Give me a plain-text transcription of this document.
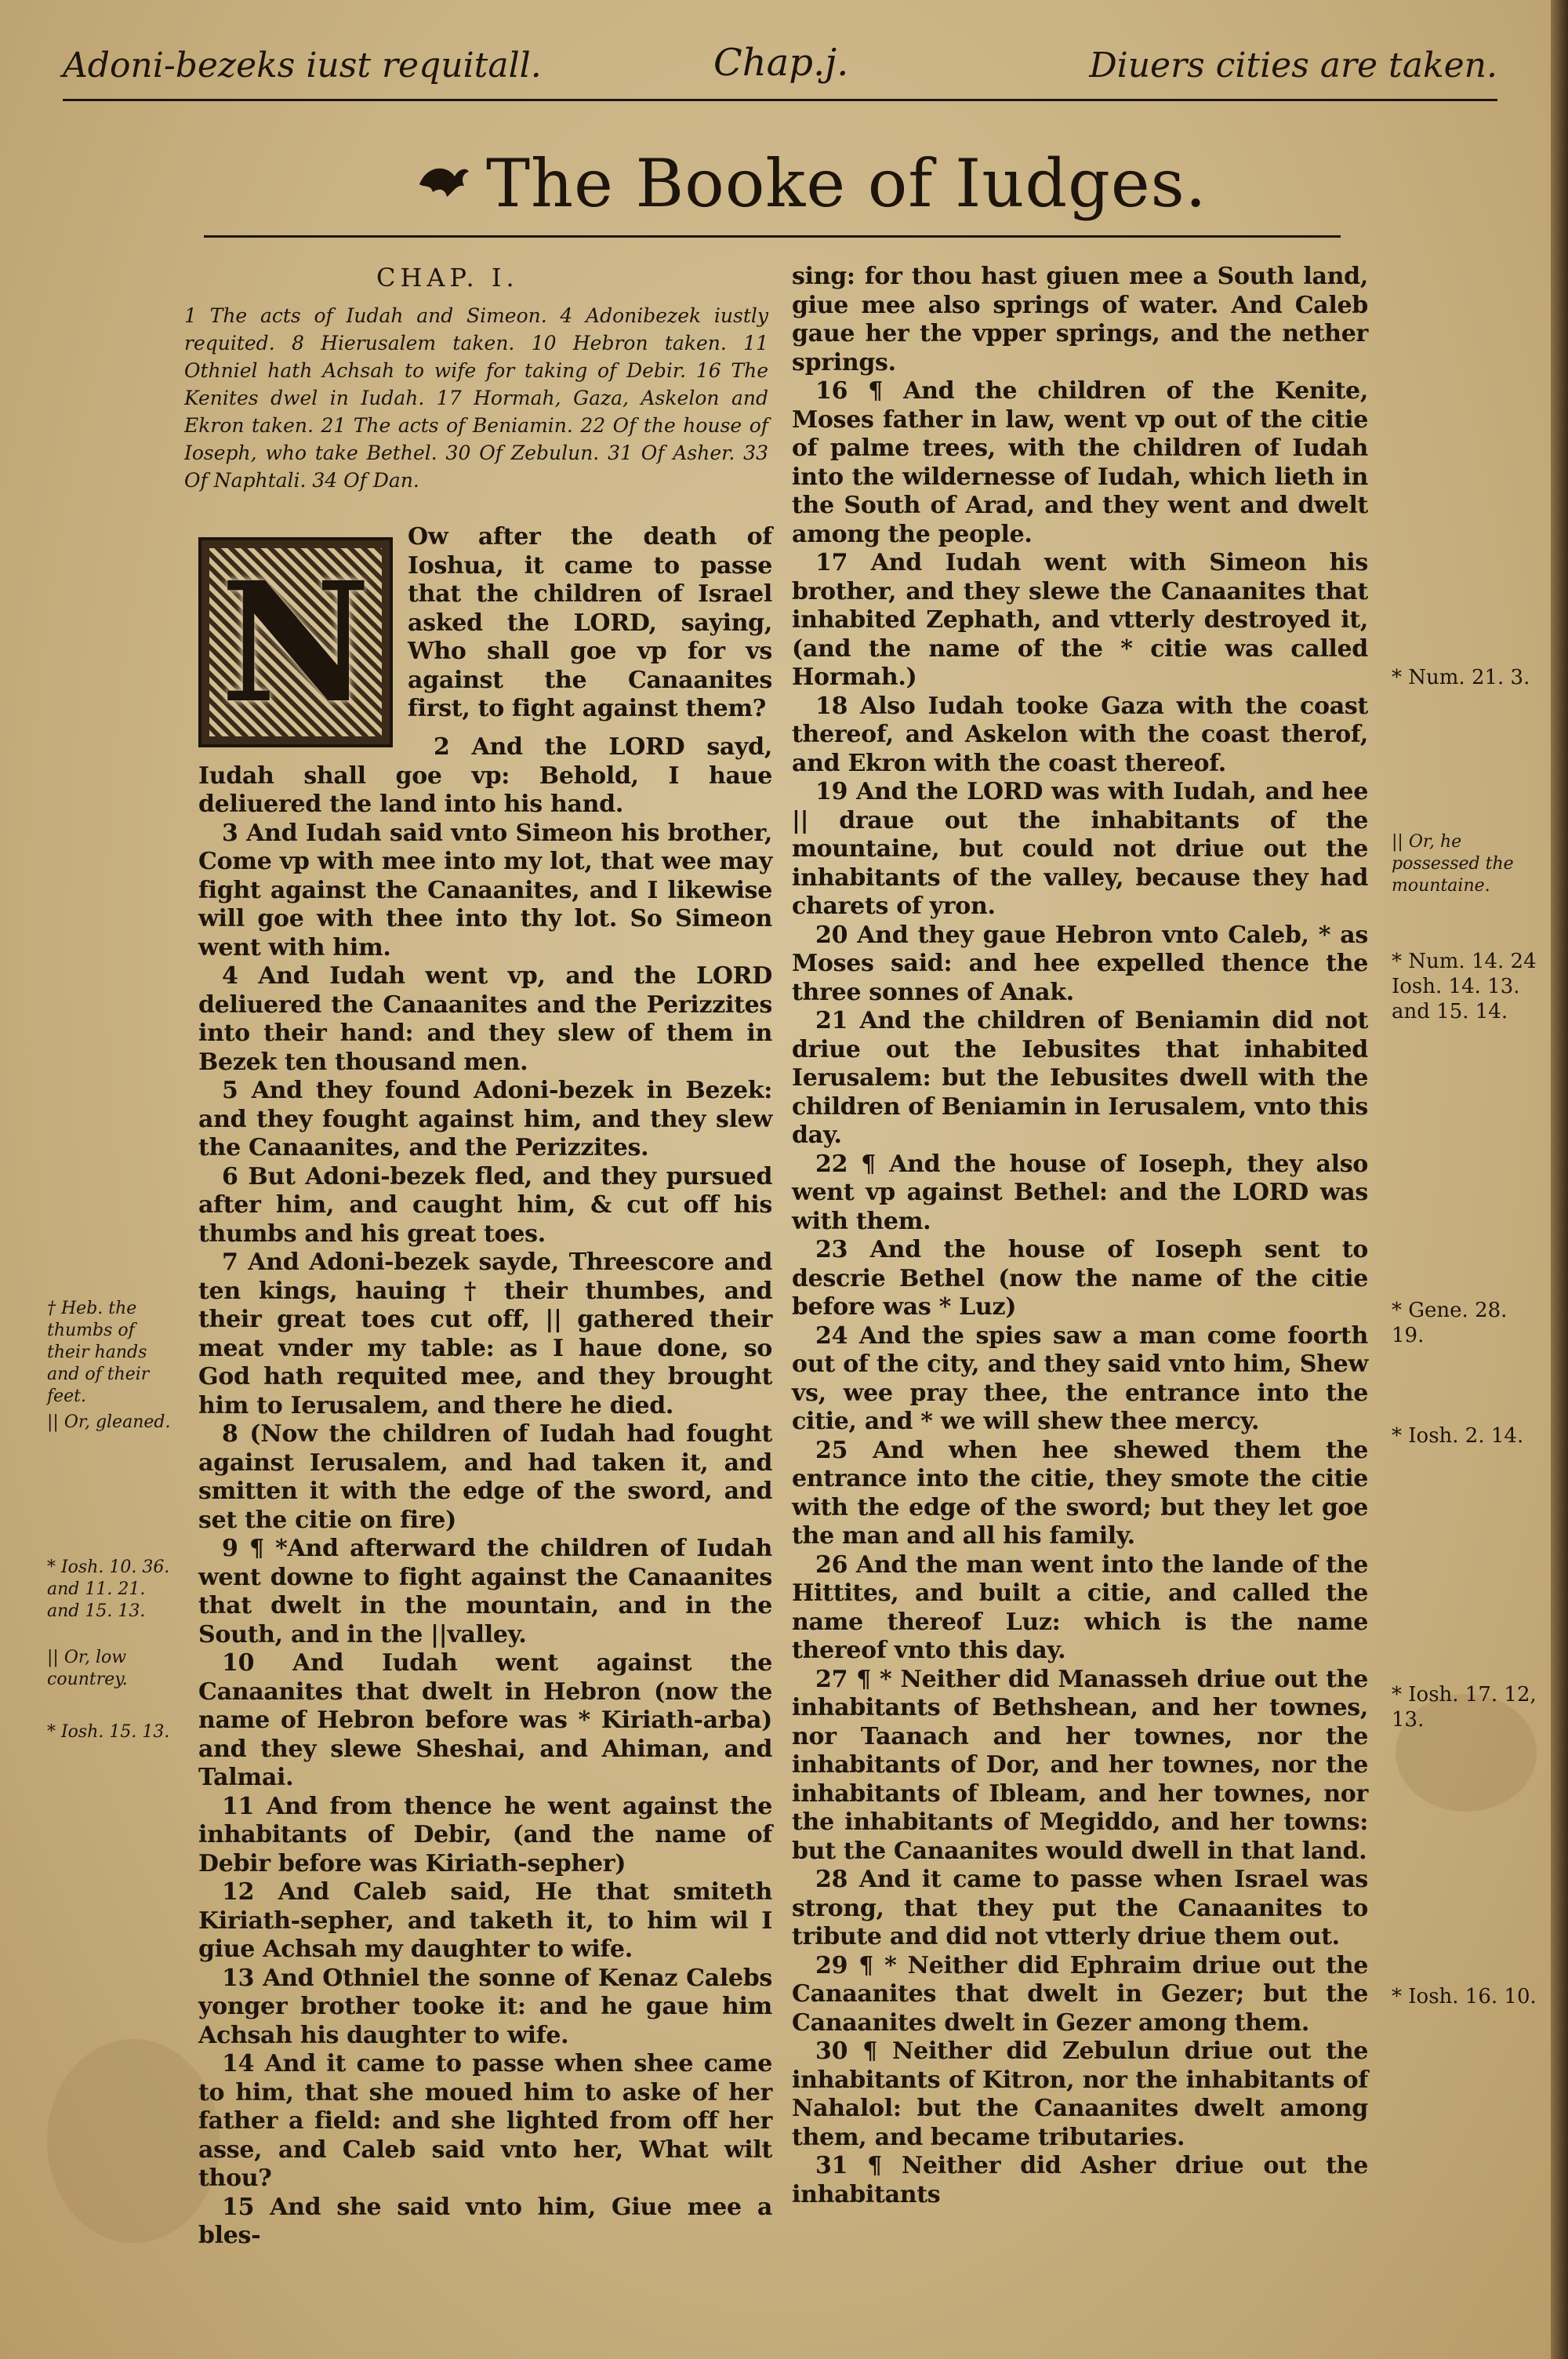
Adoni-bezeks iust requitall.	Chap.j.	Diuers cities are taken.
The Booke of Iudges.
CHAP. I.
1 The acts of Iudah and Simeon. 4 Adonibezek iustly requited. 8 Hierusalem taken. 10 Hebron taken. 11 Othniel hath Achsah to wife for taking of Debir. 16 The Kenites dwel in Iudah. 17 Hormah, Gaza, Askelon and Ekron taken. 21 The acts of Beniamin. 22 Of the house of Ioseph, who take Bethel. 30 Of Zebulun. 31 Of Asher. 33 Of Naphtali. 34 Of Dan.
N

Ow after the death of Ioshua, it came to passe that the children of Israel asked the LORD, saying, Who shall goe vp for vs against the Canaanites first, to fight against them?

2 And the LORD sayd, Iudah shall goe vp: Behold, I haue deliuered the land into his hand.

3 And Iudah said vnto Simeon his brother, Come vp with mee into my lot, that wee may fight against the Canaanites, and I likewise will goe with thee into thy lot. So Simeon went with him.

4 And Iudah went vp, and the LORD deliuered the Canaanites and the Perizzites into their hand: and they slew of them in Bezek ten thousand men.

5 And they found Adoni-bezek in Bezek: and they fought against him, and they slew the Canaanites, and the Perizzites.

6 But Adoni-bezek fled, and they pursued after him, and caught him, & cut off his thumbs and his great toes.

7 And Adoni-bezek sayde, Threescore and ten kings, hauing † their thumbes, and their great toes cut off, || gathered their meat vnder my table: as I haue done, so God hath requited mee, and they brought him to Ierusalem, and there he died.

8 (Now the children of Iudah had fought against Ierusalem, and had taken it, and smitten it with the edge of the sword, and set the citie on fire)

9 ¶ *And afterward the children of Iudah went downe to fight against the Canaanites that dwelt in the mountain, and in the South, and in the ||valley.

10 And Iudah went against the Canaanites that dwelt in Hebron (now the name of Hebron before was * Kiriath-arba) and they slewe Sheshai, and Ahiman, and Talmai.

11 And from thence he went against the inhabitants of Debir, (and the name of Debir before was Kiriath-sepher)

12 And Caleb said, He that smiteth Kiriath-sepher, and taketh it, to him wil I giue Achsah my daughter to wife.

13 And Othniel the sonne of Kenaz Calebs yonger brother tooke it: and he gaue him Achsah his daughter to wife.

14 And it came to passe when shee came to him, that she moued him to aske of her father a field: and she lighted from off her asse, and Caleb said vnto her, What wilt thou?

15 And she said vnto him, Giue mee a bles-

† Heb. the thumbs of their hands and of their feet.
|| Or, gleaned.
* Iosh. 10. 36. and 11. 21. and 15. 13.
|| Or, low countrey.
* Iosh. 15. 13.

sing: for thou hast giuen mee a South land, giue mee also springs of water. And Caleb gaue her the vpper springs, and the nether springs.

16 ¶ And the children of the Kenite, Moses father in law, went vp out of the citie of palme trees, with the children of Iudah into the wildernesse of Iudah, which lieth in the South of Arad, and they went and dwelt among the people.

17 And Iudah went with Simeon his brother, and they slewe the Canaanites that inhabited Zephath, and vtterly destroyed it, (and the name of the * citie was called Hormah.)

18 Also Iudah tooke Gaza with the coast thereof, and Askelon with the coast therof, and Ekron with the coast thereof.

19 And the LORD was with Iudah, and hee || draue out the inhabitants of the mountaine, but could not driue out the inhabitants of the valley, because they had charets of yron.

20 And they gaue Hebron vnto Caleb, * as Moses said: and hee expelled thence the three sonnes of Anak.

21 And the children of Beniamin did not driue out the Iebusites that inhabited Ierusalem: but the Iebusites dwell with the children of Beniamin in Ierusalem, vnto this day.

22 ¶ And the house of Ioseph, they also went vp against Bethel: and the LORD was with them.

23 And the house of Ioseph sent to descrie Bethel (now the name of the citie before was * Luz)

24 And the spies saw a man come foorth out of the city, and they said vnto him, Shew vs, wee pray thee, the entrance into the citie, and * we will shew thee mercy.

25 And when hee shewed them the entrance into the citie, they smote the citie with the edge of the sword; but they let goe the man and all his family.

26 And the man went into the lande of the Hittites, and built a citie, and called the name thereof Luz: which is the name thereof vnto this day.

27 ¶ * Neither did Manasseh driue out the inhabitants of Bethshean, and her townes, nor Taanach and her townes, nor the inhabitants of Dor, and her townes, nor the inhabitants of Ibleam, and her townes, nor the inhabitants of Megiddo, and her towns: but the Canaanites would dwell in that land.

28 And it came to passe when Israel was strong, that they put the Canaanites to tribute and did not vtterly driue them out.

29 ¶ * Neither did Ephraim driue out the Canaanites that dwelt in Gezer; but the Canaanites dwelt in Gezer among them.

30 ¶ Neither did Zebulun driue out the inhabitants of Kitron, nor the inhabitants of Nahalol: but the Canaanites dwelt among them, and became tributaries.

31 ¶ Neither did Asher driue out the inhabitants

* Num. 21. 3.
|| Or, he possessed the mountaine.
* Num. 14. 24 Iosh. 14. 13. and 15. 14.
* Gene. 28. 19.
* Iosh. 2. 14.
* Iosh. 17. 12, 13.
* Iosh. 16. 10.
